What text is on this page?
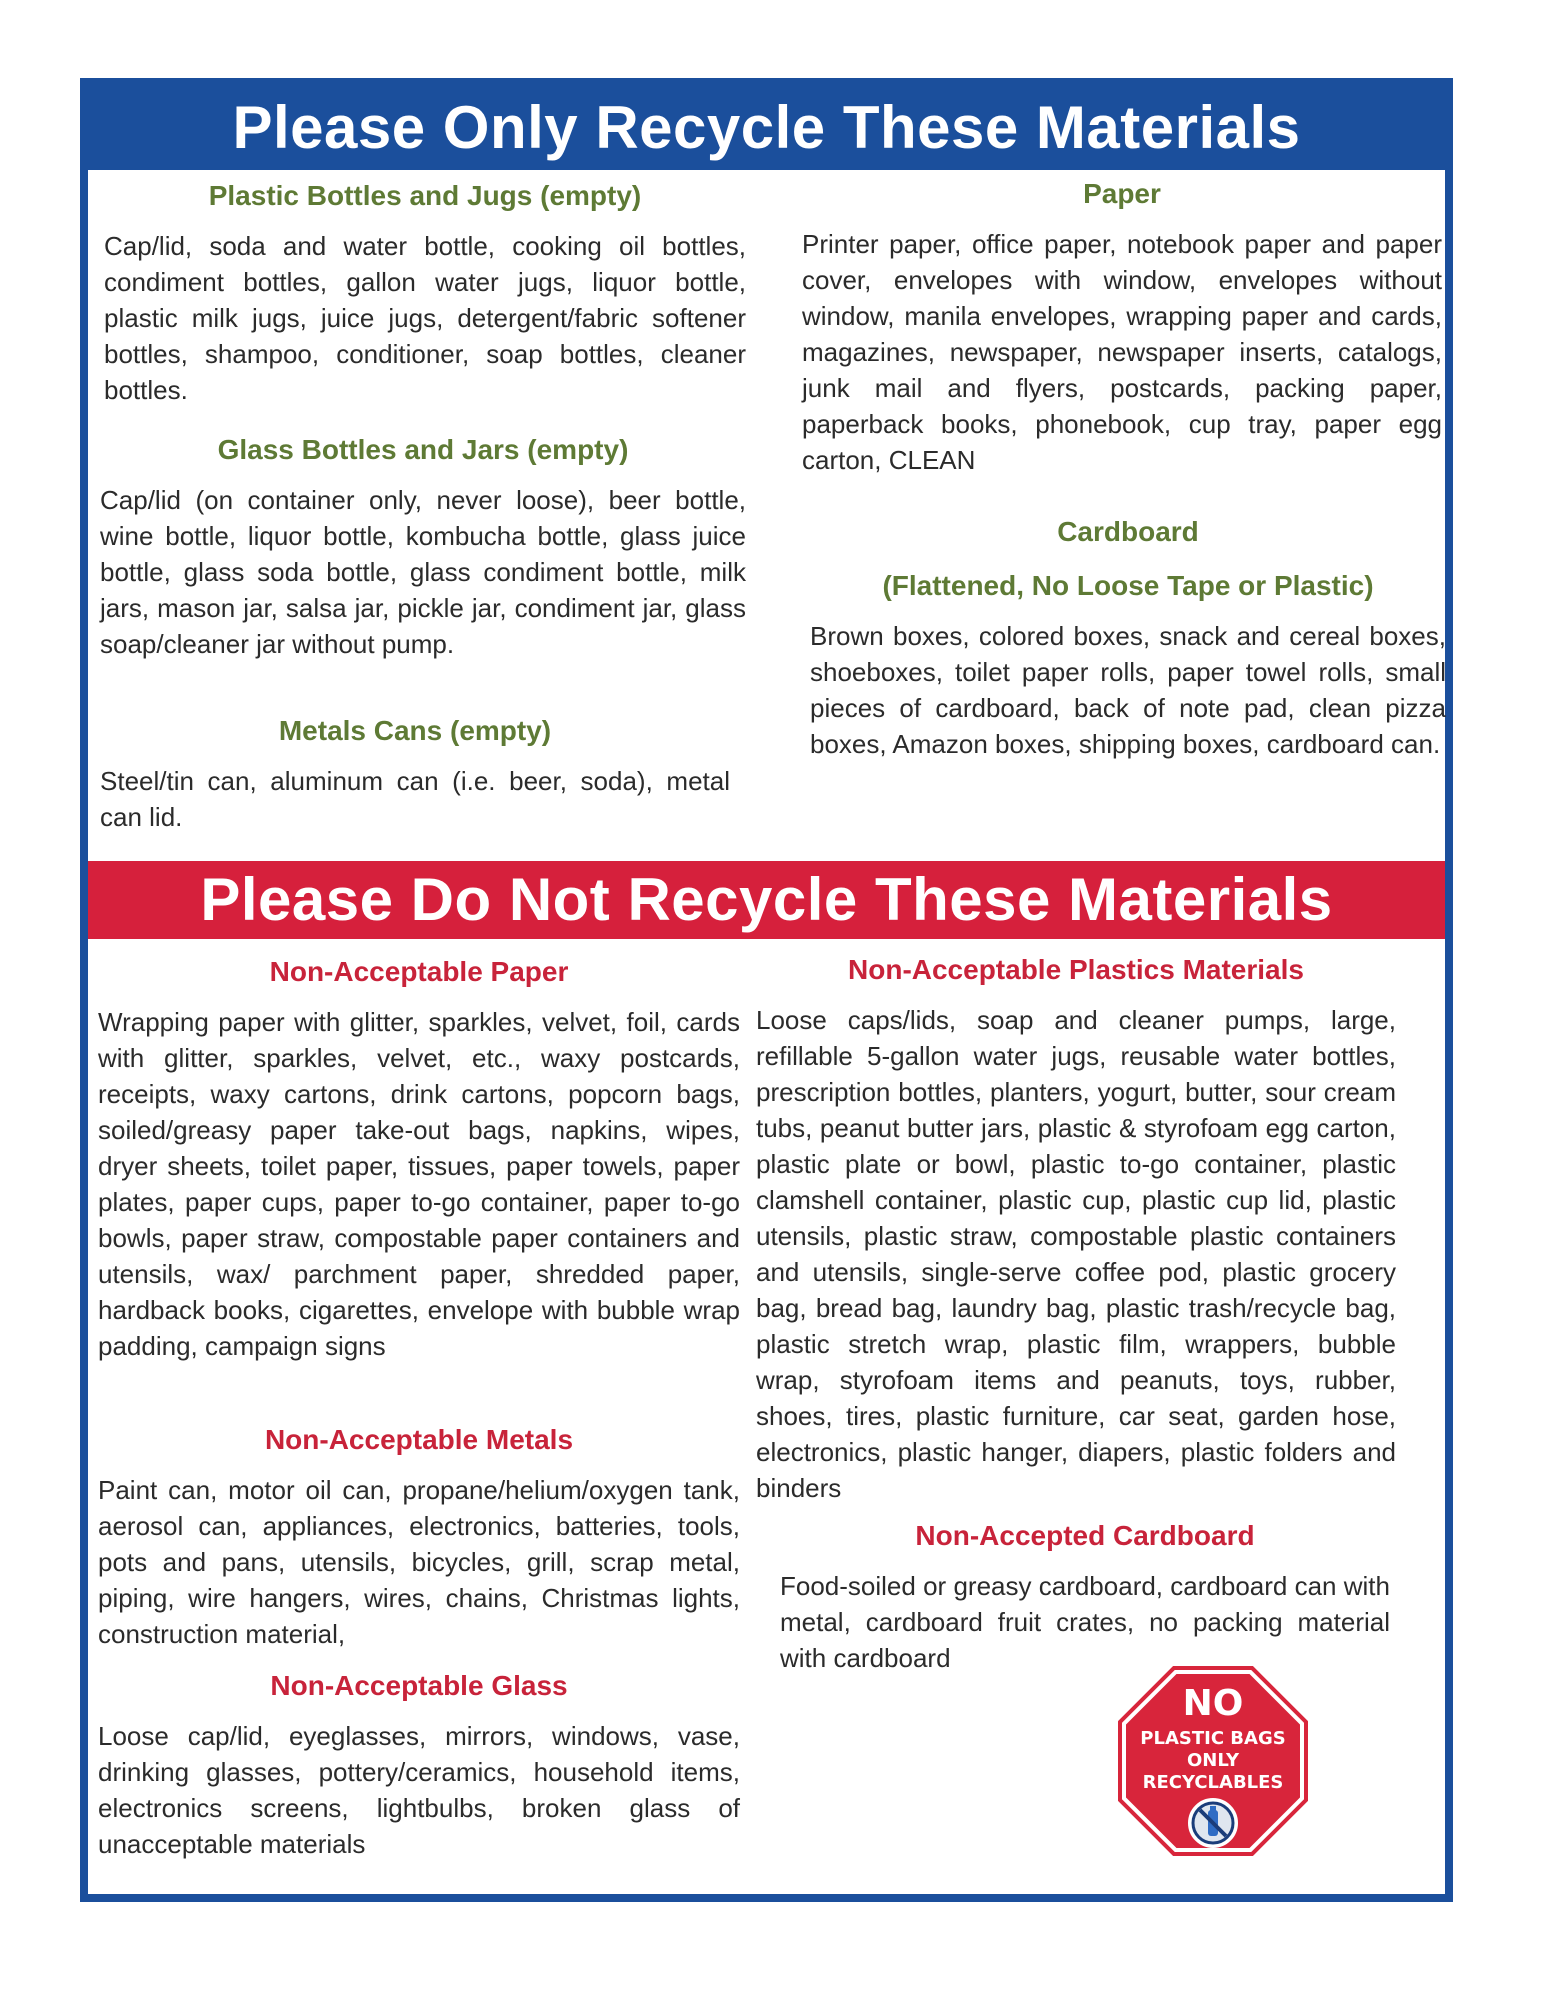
Please Only Recycle These Materials
Plastic Bottles and Jugs (empty)

Cap/lid, soda and water bottle, cooking oil bottles, condiment bottles, gallon water jugs, liquor bottle, plastic milk jugs, juice jugs, detergent/fabric softener bottles, shampoo, conditioner, soap bottles, cleaner bottles.

Glass Bottles and Jars (empty)

Cap/lid (on container only, never loose), beer bottle, wine bottle, liquor bottle, kombucha bottle, glass juice bottle, glass soda bottle, glass condiment bottle, milk jars, mason jar, salsa jar, pickle jar, condiment jar, glass soap/cleaner jar without pump.

Metals Cans (empty)

Steel/tin can, aluminum can (i.e. beer, soda), metal can lid.

Paper

Printer paper, office paper, notebook paper and paper cover, envelopes with window, envelopes without window, manila envelopes, wrapping paper and cards, magazines, newspaper, newspaper inserts, catalogs, junk mail and flyers, postcards, packing paper, paperback books, phonebook, cup tray, paper egg carton, CLEAN

Cardboard
(Flattened, No Loose Tape or Plastic)

Brown boxes, colored boxes, snack and cereal boxes, shoeboxes, toilet paper rolls, paper towel rolls, small pieces of cardboard, back of note pad, clean pizza boxes, Amazon boxes, shipping boxes, cardboard can.

Please Do Not Recycle These Materials
Non-Acceptable Paper

Wrapping paper with glitter, sparkles, velvet, foil, cards with glitter, sparkles, velvet, etc., waxy postcards, receipts, waxy cartons, drink cartons, popcorn bags, soiled/greasy paper take-out bags, napkins, wipes, dryer sheets, toilet paper, tissues, paper towels, paper plates, paper cups, paper to-go container, paper to-go bowls, paper straw, compostable paper containers and utensils, wax/ parchment paper, shredded paper, hardback books, cigarettes, envelope with bubble wrap padding, campaign signs

Non-Acceptable Metals

Paint can, motor oil can, propane/helium/oxygen tank, aerosol can, appliances, electronics, batteries, tools, pots and pans, utensils, bicycles, grill, scrap metal, piping, wire hangers, wires, chains, Christmas lights, construction material,

Non-Acceptable Glass

Loose cap/lid, eyeglasses, mirrors, windows, vase, drinking glasses, pottery/ceramics, household items, electronics screens, lightbulbs, broken glass of unacceptable materials

Non-Acceptable Plastics Materials

Loose caps/lids, soap and cleaner pumps, large, refillable 5-gallon water jugs, reusable water bottles, prescription bottles, planters, yogurt, butter, sour cream tubs, peanut butter jars, plastic & styrofoam egg carton, plastic plate or bowl, plastic to-go container, plastic clamshell container, plastic cup, plastic cup lid, plastic utensils, plastic straw, compostable plastic containers and utensils, single-serve coffee pod, plastic grocery bag, bread bag, laundry bag, plastic trash/recycle bag, plastic stretch wrap, plastic film, wrappers, bubble wrap, styrofoam items and peanuts, toys, rubber, shoes, tires, plastic furniture, car seat, garden hose, electronics, plastic hanger, diapers, plastic folders and binders

Non-Accepted Cardboard

Food-soiled or greasy cardboard, cardboard can with metal, cardboard fruit crates, no packing material with cardboard

NO
PLASTIC BAGS
ONLY
RECYCLABLES
